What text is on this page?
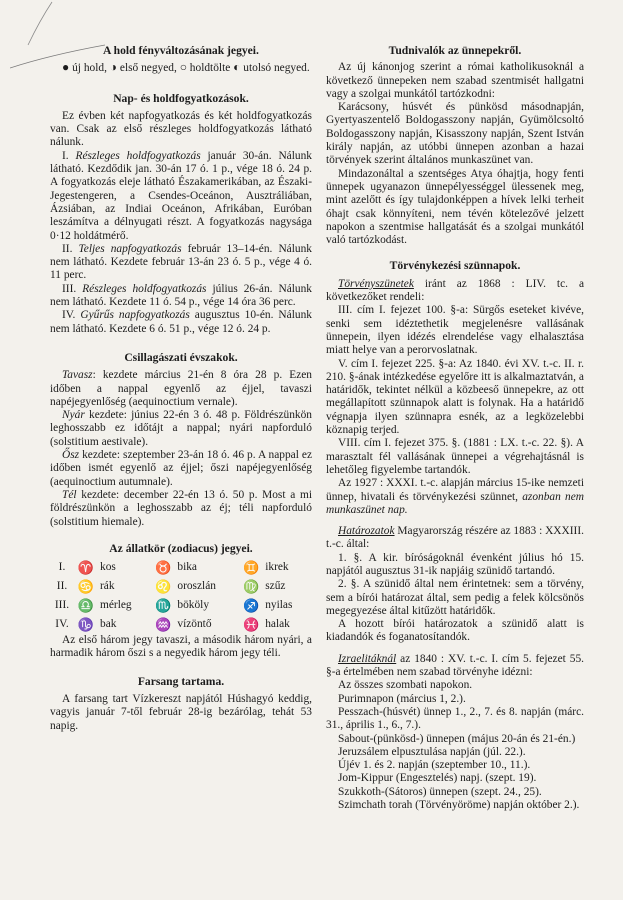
A hold fényváltozásának jegyei.

● új hold, ◑ első negyed, ○ holdtölte ◐ utolsó negyed.

Nap- és holdfogyatkozások.

Ez évben két napfogyatkozás és két holdfogyatkozás van. Csak az első részleges holdfogyatkozás látható nálunk.

I. Részleges holdfogyatkozás január 30-án. Nálunk látható. Kezdődik jan. 30-án 17 ó. 1 p., vége 18 ó. 24 p. A fogyatkozás eleje látható Északamerikában, az Északi-Jegestengeren, a Csendes-Oceánon, Ausztráliában, Ázsiában, az Indiai Oceánon, Afrikában, Euróban leszámítva a délnyugati részt. A fogyatkozás nagysága 0·12 holdátmérő.

II. Teljes napfogyatkozás február 13–14-én. Nálunk nem látható. Kezdete február 13-án 23 ó. 5 p., vége 4 ó. 11 perc.

III. Részleges holdfogyatkozás július 26-án. Nálunk nem látható. Kezdete 11 ó. 54 p., vége 14 óra 36 perc.

IV. Gyűrűs napfogyatkozás augusztus 10-én. Nálunk nem látható. Kezdete 6 ó. 51 p., vége 12 ó. 24 p.

Csillagászati évszakok.

Tavasz: kezdete március 21-én 8 óra 28 p. Ezen időben a nappal egyenlő az éjjel, tavaszi napéjegyenlőség (aequinoctium vernale).

Nyár kezdete: június 22-én 3 ó. 48 p. Földrészünkön leghosszabb ez időtájt a nappal; nyári napforduló (solstitium aestivale).

Ősz kezdete: szeptember 23-án 18 ó. 46 p. A nappal ez időben ismét egyenlő az éjjel; őszi napéjegyenlőség (aequinoctium autumnale).

Tél kezdete: december 22-én 13 ó. 50 p. Most a mi földrészünkön a leghosszabb az éj; téli napforduló (solstitium hiemale).

Az állatkör (zodiacus) jegyei.
I.	♈	kos	♉	bika	♊	ikrek
II.	♋	rák	♌	oroszlán	♍	szűz
III.	♎	mérleg	♏	bököly	♐	nyilas
IV.	♑	bak	♒	vízöntő	♓	halak

Az első három jegy tavaszi, a második három nyári, a harmadik három őszi s a negyedik három jegy téli.

Farsang tartama.

A farsang tart Vízkereszt napjától Húshagyó keddig, vagyis január 7-től február 28-ig bezárólag, tehát 53 napig.

Tudnivalók az ünnepekről.

Az új kánonjog szerint a római katholikusoknál a következő ünnepeken nem szabad szentmisét hallgatni vagy a szolgai munkától tartózkodni:

Karácsony, húsvét és pünkösd másodnapján, Gyertyaszentelő Boldogasszony napján, Gyümölcsoltó Boldogasszony napján, Kisasszony napján, Szent István király napján, az utóbbi ünnepen azonban a hazai törvények szerint általános munkaszünet van.

Mindazonáltal a szentséges Atya óhajtja, hogy fenti ünnepek ugyanazon ünnepélyességgel ülessenek meg, mint azelőtt és így tulajdonképpen a hívek lelki terheit óhajt csak könnyíteni, nem tévén kötelezővé jelzett napokon a szentmise hallgatását és a szolgai munkától való tartózkodást.

Törvénykezési szünnapok.

Törvényszünetek iránt az 1868 : LIV. tc. a következőket rendeli:

III. cím I. fejezet 100. §-a: Sürgős eseteket kivéve, senki sem idéztethetik megjelenésre vallásának ünnepein, ilyen idézés elrendelése vagy elhalasztása miatt helye van a perorvoslatnak.

V. cím I. fejezet 225. §-a: Az 1840. évi XV. t.-c. II. r. 210. §-ának intézkedése egyelőre itt is alkalmaztatván, a határidők, tekintet nélkül a közbeeső ünnepekre, az ott megállapított szünnapok alatt is folynak. Ha a határidő végnapja ilyen szünnapra esnék, az a legközelebbi köznapig terjed.

VIII. cím I. fejezet 375. §. (1881 : LX. t.-c. 22. §). A marasztalt fél vallásának ünnepei a végrehajtásnál is lehetőleg figyelembe tartandók.

Az 1927 : XXXI. t.-c. alapján március 15-ike nemzeti ünnep, hivatali és törvénykezési szünnet, azonban nem munkaszünet nap.

Határozatok Magyarország részére az 1883 : XXXIII. t.-c. által:

1. §. A kir. bíróságoknál évenként július hó 15. napjától augusztus 31-ik napjáig szünidő tartandó.

2. §. A szünidő által nem érintetnek: sem a törvény, sem a bírói határozat által, sem pedig a felek kölcsönös megegyezése által kitűzött határidők.

A hozott bírói határozatok a szünidő alatt is kiadandók és foganatosítandók.

Izraelitáknál az 1840 : XV. t.-c. I. cím 5. fejezet 55. §-a értelmében nem szabad törvényhe idézni:

Az összes szombati napokon.

Purimnapon (március 1, 2.).

Pesszach-(húsvét) ünnep 1., 2., 7. és 8. napján (márc. 31., április 1., 6., 7.).

Sabout-(pünkösd-) ünnepen (május 20-án és 21-én.)

Jeruzsálem elpusztulása napján (júl. 22.).

Újév 1. és 2. napján (szeptember 10., 11.).

Jom-Kippur (Engesztelés) napj. (szept. 19).

Szukkoth-(Sátoros) ünnepen (szept. 24., 25).

Szimchath torah (Törvényöröme) napján október 2.).
